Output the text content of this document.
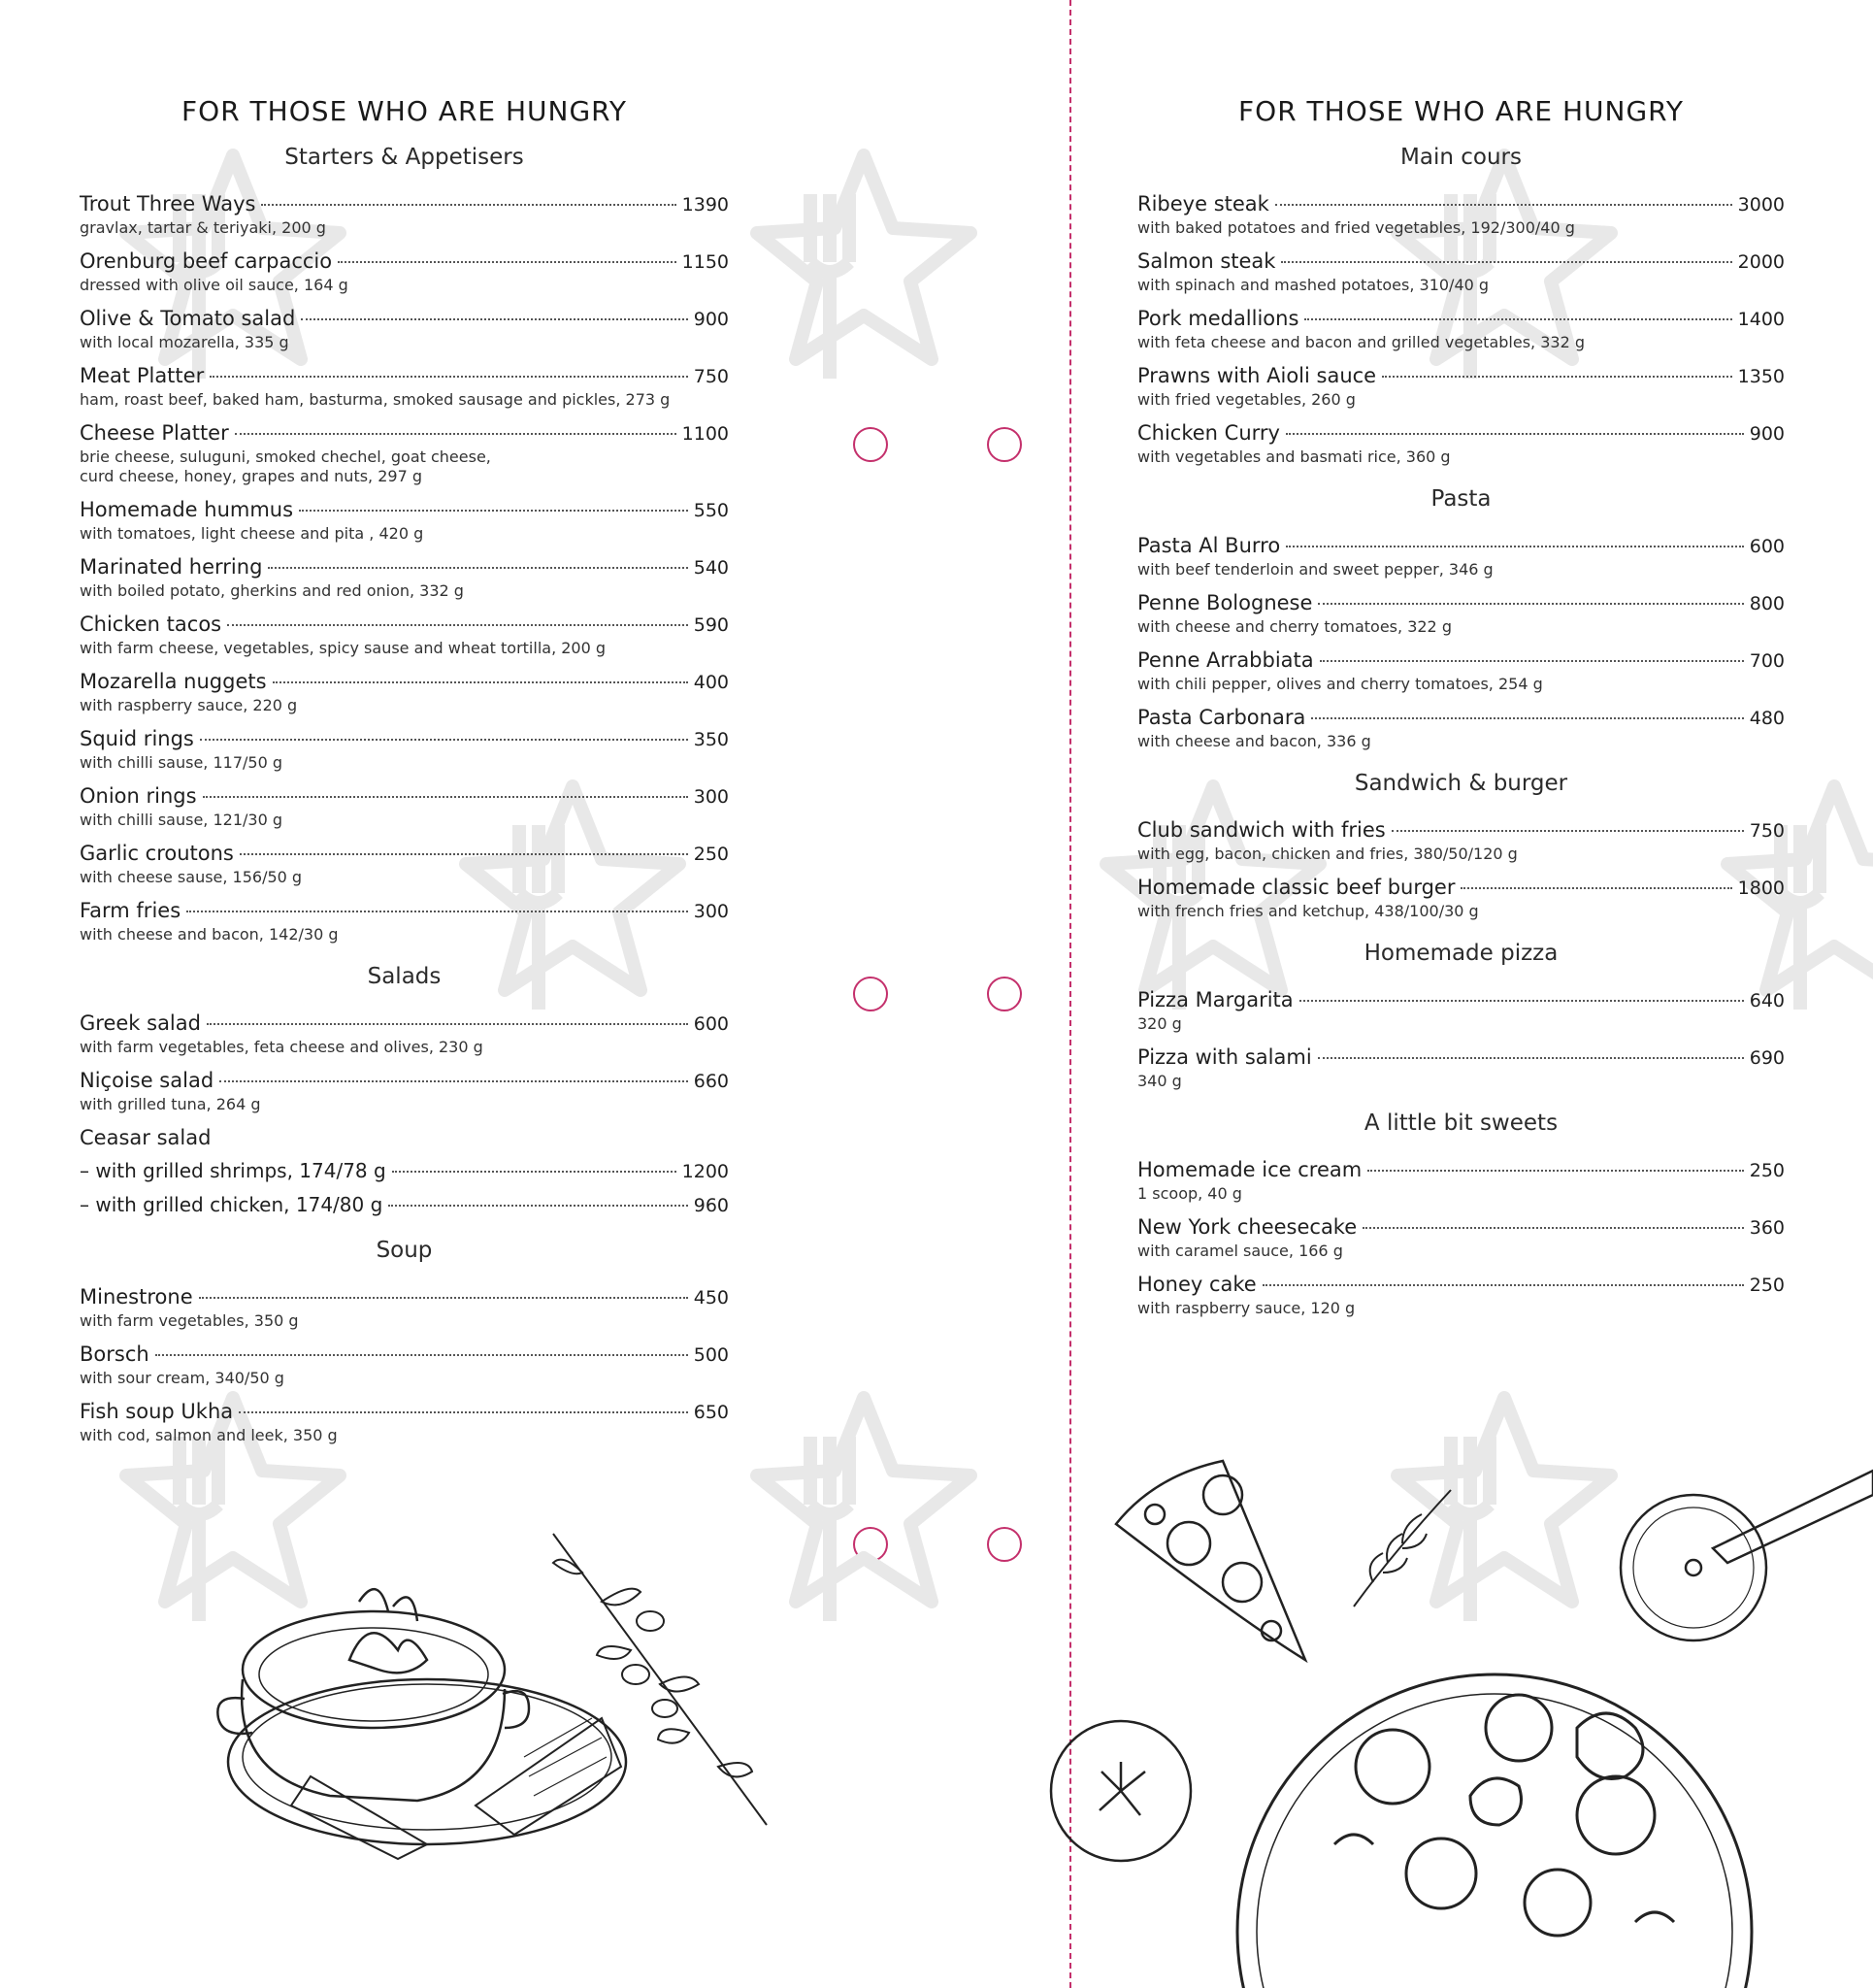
FOR THOSE WHO ARE HUNGRY
Starters & Appetisers
Trout Three Ways	1390
gravlax, tartar & teriyaki, 200 g
Orenburg beef carpaccio	1150
dressed with olive oil sauce, 164 g
Olive & Tomato salad	900
with local mozarella, 335 g
Meat Platter	750
ham, roast beef, baked ham, basturma, smoked sausage and pickles, 273 g
Cheese Platter	1100
brie cheese, suluguni, smoked chechel, goat cheese,
curd cheese, honey, grapes and nuts, 297 g
Homemade hummus	550
with tomatoes, light cheese and pita , 420 g
Marinated herring	540
with boiled potato, gherkins and red onion, 332 g
Chicken tacos	590
with farm cheese, vegetables, spicy sause and wheat tortilla, 200 g
Mozarella nuggets	400
with raspberry sauce, 220 g
Squid rings	350
with chilli sause, 117/50 g
Onion rings	300
with chilli sause, 121/30 g
Garlic croutons	250
with cheese sause, 156/50 g
Farm fries	300
with cheese and bacon, 142/30 g
Salads
Greek salad	600
with farm vegetables, feta cheese and olives, 230 g
Niçoise salad	660
with grilled tuna, 264 g
Ceasar salad
– with grilled shrimps, 174/78 g	1200
– with grilled chicken, 174/80 g	960
Soup
Minestrone	450
with farm vegetables, 350 g
Borsch	500
with sour cream, 340/50 g
Fish soup Ukha	650
with cod, salmon and leek, 350 g
FOR THOSE WHO ARE HUNGRY
Main cours
Ribeye steak	3000
with baked potatoes and fried vegetables, 192/300/40 g
Salmon steak	2000
with spinach and mashed potatoes, 310/40 g
Pork medallions	1400
with feta cheese and bacon and grilled vegetables, 332 g
Prawns with Aioli sauce	1350
with fried vegetables, 260 g
Chicken Curry	900
with vegetables and basmati rice, 360 g
Pasta
Pasta Al Burro	600
with beef tenderloin and sweet pepper, 346 g
Penne Bolognese	800
with cheese and cherry tomatoes, 322 g
Penne Arrabbiata	700
with chili pepper, olives and cherry tomatoes, 254 g
Pasta Carbonara	480
with cheese and bacon, 336 g
Sandwich & burger
Club sandwich with fries	750
with egg, bacon, chicken and fries, 380/50/120 g
Homemade classic beef burger	1800
with french fries and ketchup, 438/100/30 g
Homemade pizza
Pizza Margarita	640
320 g
Pizza with salami	690
340 g
A little bit sweets
Homemade ice cream	250
1 scoop, 40 g
New York cheesecake	360
with caramel sauce, 166 g
Honey cake	250
with raspberry sauce, 120 g
